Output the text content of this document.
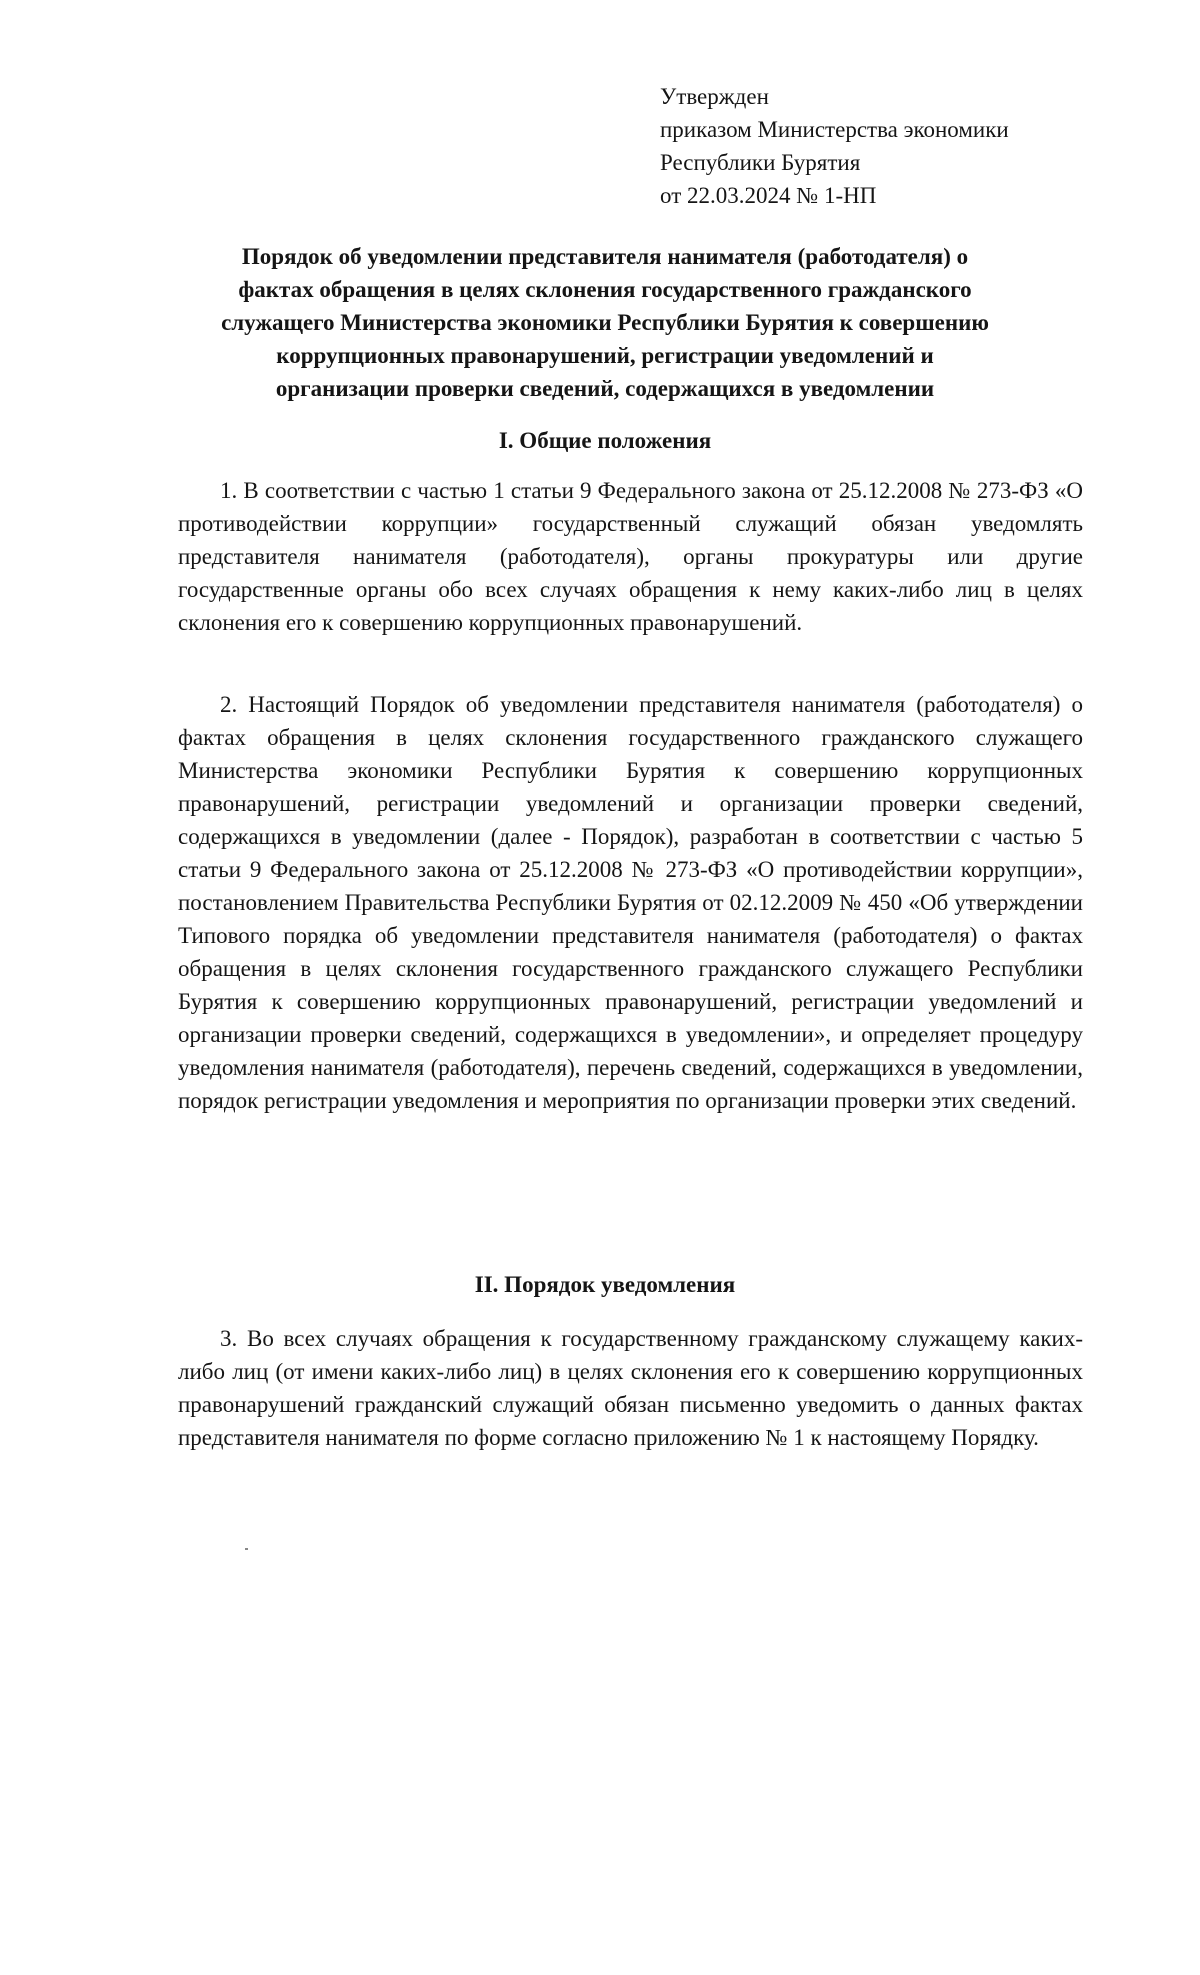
Утвержден
приказом Министерства экономики
Республики Бурятия
от 22.03.2024 № 1-НП
Порядок об уведомлении представителя нанимателя (работодателя) о
фактах обращения в целях склонения государственного гражданского
служащего Министерства экономики Республики Бурятия к совершению
коррупционных правонарушений, регистрации уведомлений и
организации проверки сведений, содержащихся в уведомлении
I. Общие положения

1. В соответствии с частью 1 статьи 9 Федерального закона от 25.12.2008 № 273-ФЗ «О противодействии коррупции» государственный служащий обязан уведомлять представителя нанимателя (работодателя), органы прокуратуры или другие государственные органы обо всех случаях обращения к нему каких-либо лиц в целях склонения его к совершению коррупционных правонарушений.

2. Настоящий Порядок об уведомлении представителя нанимателя (работодателя) о фактах обращения в целях склонения государственного гражданского служащего Министерства экономики Республики Бурятия к совершению коррупционных правонарушений, регистрации уведомлений и организации проверки сведений, содержащихся в уведомлении (далее - Порядок), разработан в соответствии с частью 5 статьи 9 Федерального закона от 25.12.2008 № 273-ФЗ «О противодействии коррупции», постановлением Правительства Республики Бурятия от 02.12.2009 № 450 «Об утверждении Типового порядка об уведомлении представителя нанимателя (работодателя) о фактах обращения в целях склонения государственного гражданского служащего Республики Бурятия к совершению коррупционных правонарушений, регистрации уведомлений и организации проверки сведений, содержащихся в уведомлении», и определяет процедуру уведомления нанимателя (работодателя), перечень сведений, содержащихся в уведомлении, порядок регистрации уведомления и мероприятия по организации проверки этих сведений.

II. Порядок уведомления

3. Во всех случаях обращения к государственному гражданскому служащему каких-либо лиц (от имени каких-либо лиц) в целях склонения его к совершению коррупционных правонарушений гражданский служащий обязан письменно уведомить о данных фактах представителя нанимателя по форме согласно приложению № 1 к настоящему Порядку.
